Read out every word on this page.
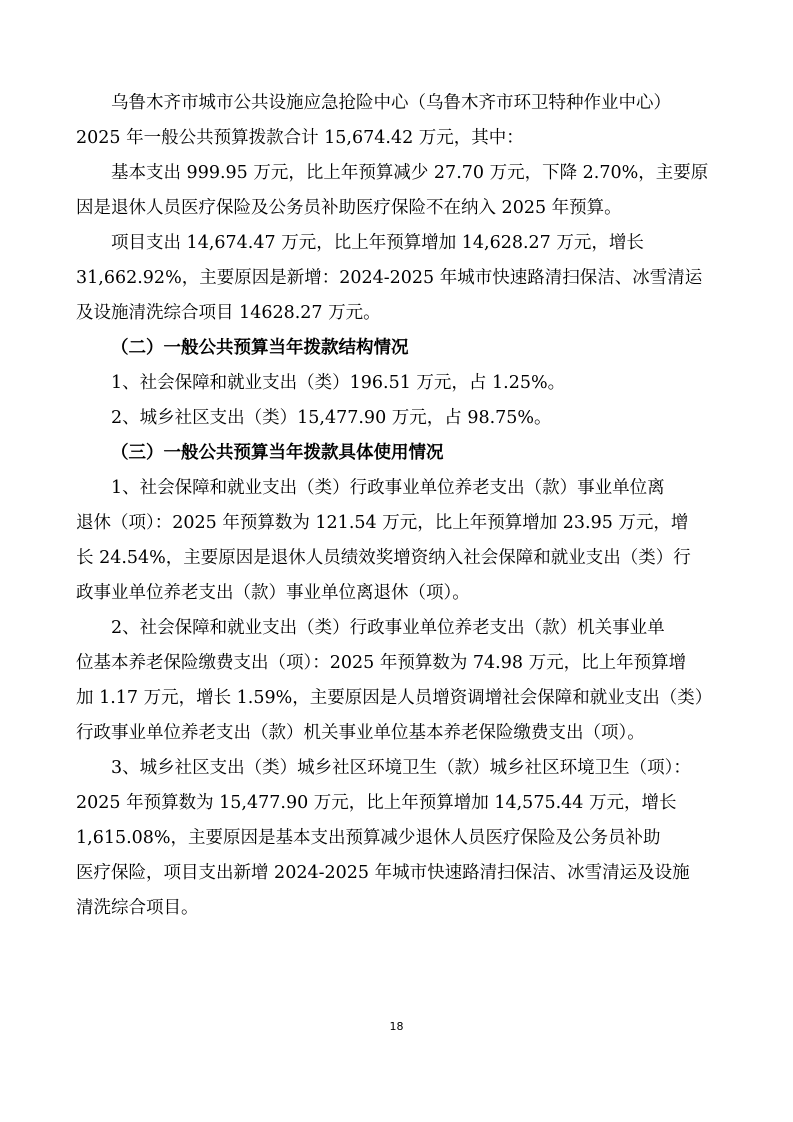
乌鲁木齐市城市公共设施应急抢险中心（乌鲁木齐市环卫特种作业中心）
2025 年一般公共预算拨款合计 15,674.42 万元，其中：
基本支出 999.95 万元，比上年预算减少 27.70 万元，下降 2.70%，主要原
因是退休人员医疗保险及公务员补助医疗保险不在纳入 2025 年预算。
项目支出 14,674.47 万元，比上年预算增加 14,628.27 万元，增长
31,662.92%，主要原因是新增：2024-2025 年城市快速路清扫保洁、冰雪清运
及设施清洗综合项目 14628.27 万元。
（二）一般公共预算当年拨款结构情况
1、社会保障和就业支出（类）196.51 万元，占 1.25%。
2、城乡社区支出（类）15,477.90 万元，占 98.75%。
（三）一般公共预算当年拨款具体使用情况
1、社会保障和就业支出（类）行政事业单位养老支出（款）事业单位离
退休（项）：2025 年预算数为 121.54 万元，比上年预算增加 23.95 万元，增
长 24.54%，主要原因是退休人员绩效奖增资纳入社会保障和就业支出（类）行
政事业单位养老支出（款）事业单位离退休（项）。
2、社会保障和就业支出（类）行政事业单位养老支出（款）机关事业单
位基本养老保险缴费支出（项）：2025 年预算数为 74.98 万元，比上年预算增
加 1.17 万元，增长 1.59%，主要原因是人员增资调增社会保障和就业支出（类）
行政事业单位养老支出（款）机关事业单位基本养老保险缴费支出（项）。
3、城乡社区支出（类）城乡社区环境卫生（款）城乡社区环境卫生（项）：
2025 年预算数为 15,477.90 万元，比上年预算增加 14,575.44 万元，增长
1,615.08%，主要原因是基本支出预算减少退休人员医疗保险及公务员补助
医疗保险，项目支出新增 2024-2025 年城市快速路清扫保洁、冰雪清运及设施
清洗综合项目。
18
